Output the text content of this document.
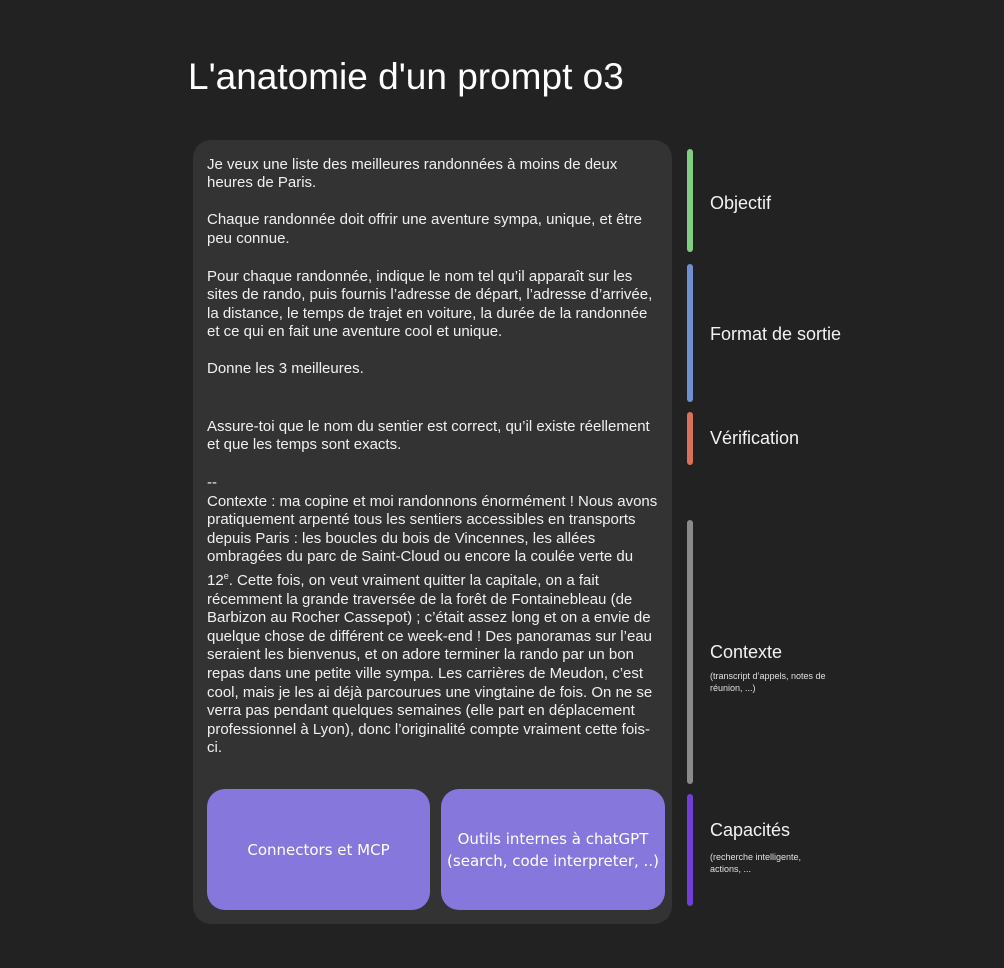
L'anatomie d'un prompt o3

Je veux une liste des meilleures randonnées à moins de deux heures de Paris.

Chaque randonnée doit offrir une aventure sympa, unique, et être peu connue.

Pour chaque randonnée, indique le nom tel qu’il apparaît sur les sites de rando, puis fournis l’adresse de départ, l’adresse d’arrivée, la distance, le temps de trajet en voiture, la durée de la randonnée et ce qui en fait une aventure cool et unique.

Donne les 3 meilleures.

Assure-toi que le nom du sentier est correct, qu’il existe réellement et que les temps sont exacts.

--

Contexte : ma copine et moi randonnons énormément ! Nous avons pratiquement arpenté tous les sentiers accessibles en transports depuis Paris : les boucles du bois de Vincennes, les allées ombragées du parc de Saint-Cloud ou encore la coulée verte du 12e. Cette fois, on veut vraiment quitter la capitale, on a fait récemment la grande traversée de la forêt de Fontainebleau (de Barbizon au Rocher Cassepot) ; c’était assez long et on a envie de quelque chose de différent ce week-end ! Des panoramas sur l’eau seraient les bienvenus, et on adore terminer la rando par un bon repas dans une petite ville sympa. Les carrières de Meudon, c’est cool, mais je les ai déjà parcourues une vingtaine de fois. On ne se verra pas pendant quelques semaines (elle part en déplacement professionnel à Lyon), donc l’originalité compte vraiment cette fois-ci.

Connectors et MCP
Outils internes à chatGPT (search, code interpreter, ..)
Objectif
Format de sortie
Vérification
Contexte
(transcript d’appels, notes de réunion, ...)
Capacités
(recherche intelligente, actions, ...
